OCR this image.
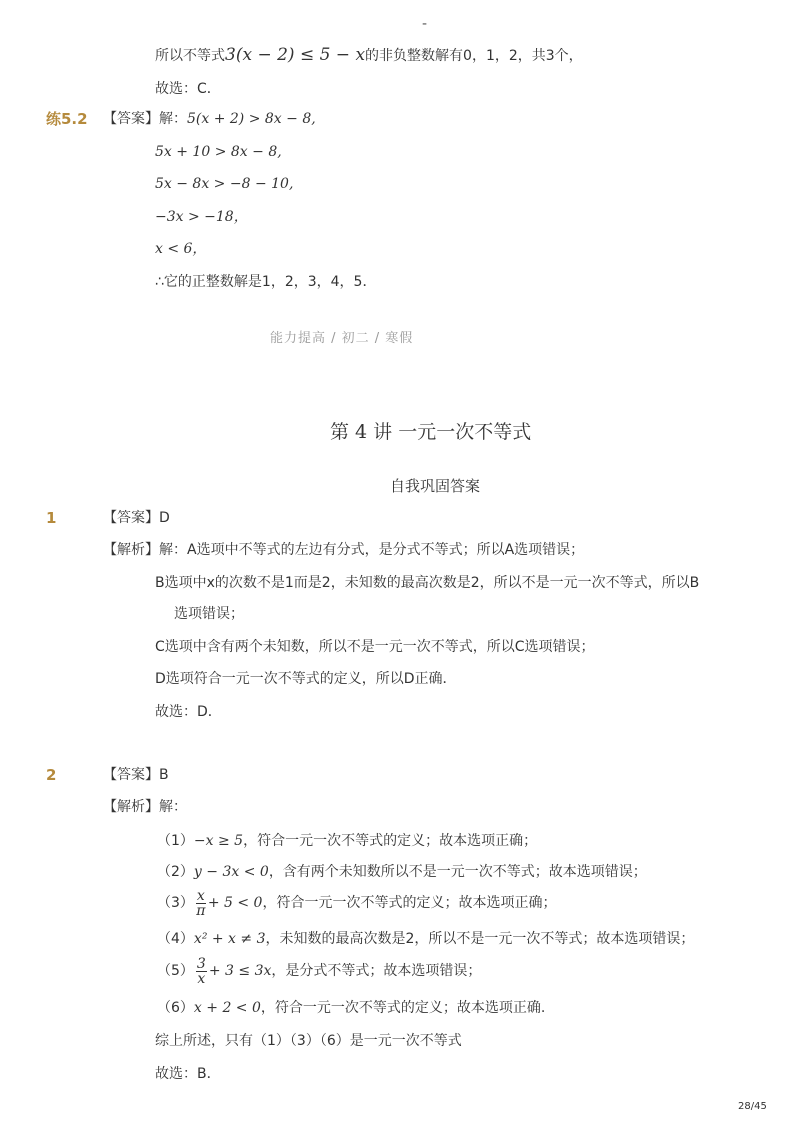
-
所以不等式3(x − 2) ≤ 5 − x的非负整数解有0，1，2，共3个，
故选：C．
练5.2 【答案】解：5(x + 2) > 8x − 8,
5x + 10 > 8x − 8,
5x − 8x > −8 − 10,
−3x > −18，
x < 6，
∴它的正整数解是1，2，3，4，5．
能力提高 / 初二 / 寒假
第 4 讲 一元一次不等式
自我巩固答案
1	【答案】D
【解析】解：A选项中不等式的左边有分式，是分式不等式；所以A选项错误；
B选项中x的次数不是1而是2，未知数的最高次数是2，所以不是一元一次不等式，所以B
选项错误；
C选项中含有两个未知数，所以不是一元一次不等式，所以C选项错误；
D选项符合一元一次不等式的定义，所以D正确．
故选：D．
2	【答案】B
【解析】解：
（1）−x ≥ 5，符合一元一次不等式的定义；故本选项正确；
（2）y − 3x < 0，含有两个未知数所以不是一元一次不等式；故本选项错误；
$(3) \frac{x}{\pi} + 5 < 0$，符合一元一次不等式的定义；故本选项正确；
（4）x² + x ≠ 3，未知数的最高次数是2，所以不是一元一次不等式；故本选项错误；
$(5) \frac{3}{x} + 3 \le 3x$，是分式不等式；故本选项错误；
（6）x + 2 < 0，符合一元一次不等式的定义；故本选项正确.
综上所述，只有（1）（3）（6）是一元一次不等式
故选：B．
28/45
